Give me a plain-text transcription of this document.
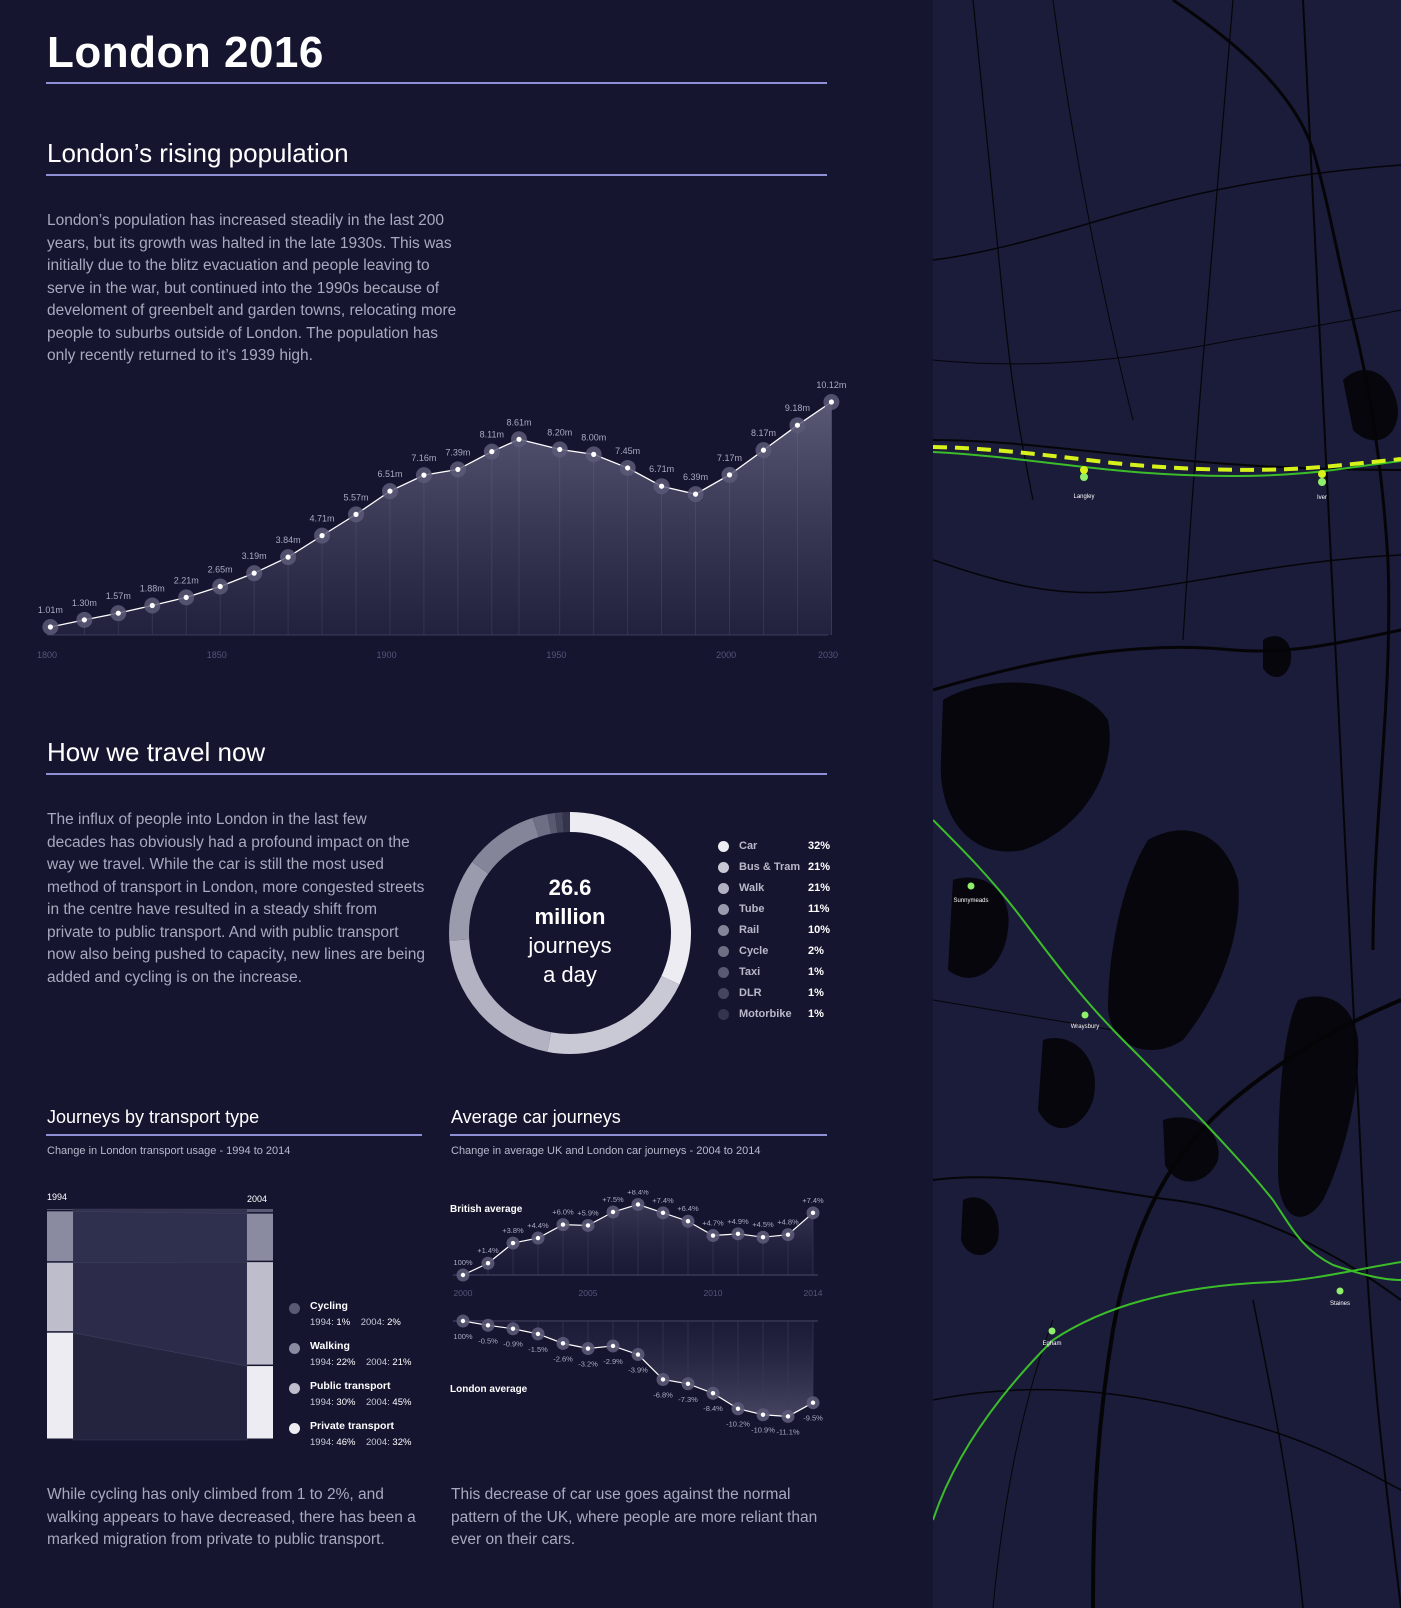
Langley	Iver
Sunnymeads
Wraysbury
Staines
Egham
London 2016
London’s rising population

London’s population has increased steadily in the last 200 years, but its growth was halted in the late 1930s. This was initially due to the blitz evacuation and people leaving to serve in the war, but continued into the 1990s because of develoment of greenbelt and garden towns, relocating more people to suburbs outside of London. The population has only recently returned to it’s 1939 high.

1.01m
1.30m
1.57m
1.88m
2.21m
2.65m
3.19m
3.84m
4.71m
5.57m
6.51m
7.16m
7.39m
8.11m
8.61m
8.20m 8.00m
7.45m
6.71m
6.39m
7.17m
8.17m
9.18m
10.12m
1800	1850	1900	1950	2000	2030
How we travel now

The influx of people into London in the last few decades has obviously had a profound impact on the way we travel. While the car is still the most used method of transport in London, more congested streets in the centre have resulted in a steady shift from private to public transport. And with public transport now also being pushed to capacity, new lines are being added and cycling is on the increase.

26.6
million
journeys
a day
Car	32%
Bus & Tram 21%
Walk	21%
Tube	11%
Rail	10%
Cycle	2%
Taxi	1%
DLR	1%
Motorbike 1%
Journeys by transport type
Change in London transport usage - 1994 to 2014
1994	2004
Cycling
1994: 1%    2004: 2%
Walking
1994: 22%    2004: 21%
Public transport
1994: 30%    2004: 45%
Private transport
1994: 46%    2004: 32%

While cycling has only climbed from 1 to 2%, and walking appears to have decreased, there has been a marked migration from private to public transport.

Average car journeys
Change in average UK and London car journeys - 2004 to 2014
British average
London average
100%
+1.4%
+3.8%
+4.4%
+6.0% +5.9%
+7.5%
+8.4%
+7.4%
+6.4%
+4.7% +4.9% +4.5% +4.8%
+7.4%
2000	2005	2010	2014
100% -0.5% -0.9%
-1.5%
-2.6%
-3.2% -2.9%
-3.9%
-6.8% -7.3%
-8.4%
-10.2%
-10.9% -11.1%
-9.5%

This decrease of car use goes against the normal pattern of the UK, where people are more reliant than ever on their cars.
